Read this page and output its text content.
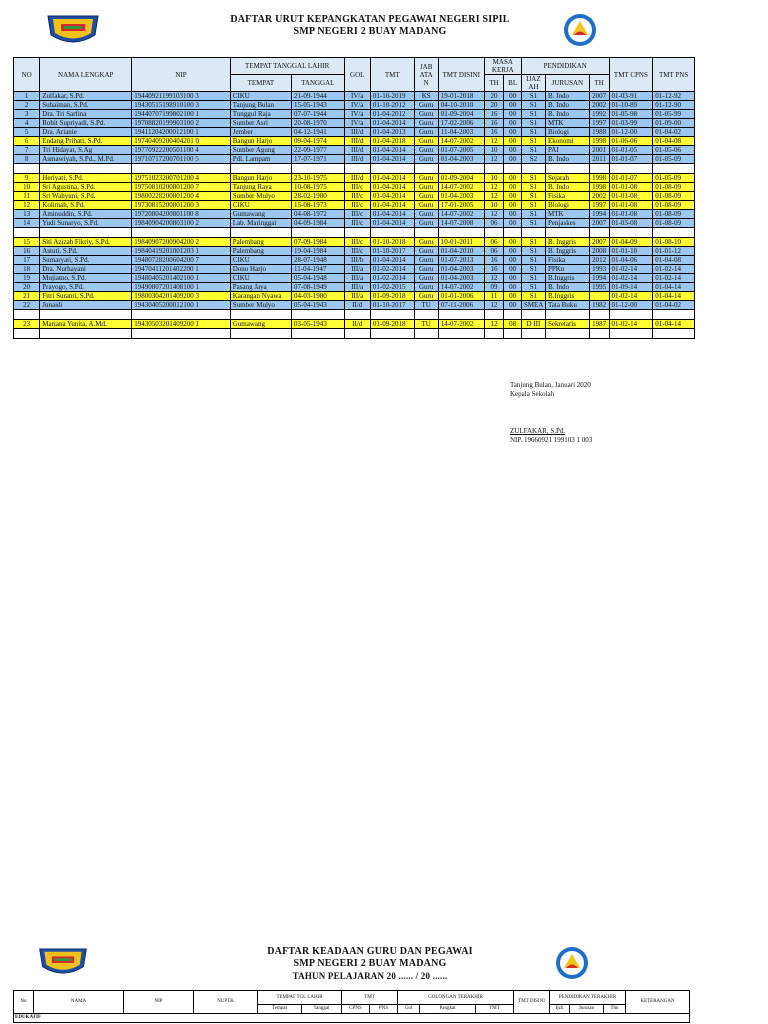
DAFTAR URUT KEPANGKATAN PEGAWAI NEGERI SIPIL
SMP NEGERI 2 BUAY MADANG
NO	NAMA LENGKAP	NIP	TEMPAT TANGGAL LAHIR		GOL	TMT	JAB ATA N	TMT DISINI	MASA KERJA		PENDIDIKAN			TMT CPNS	TMT PNS
			TEMPAT	TANGGAL					TH	BL	IJAZ AH	JURUSAN	TH		
1	Zulfakar, S.Pd.	19440921199103100 3	CIKU	21-09-1944	IV/a	01-10-2019	KS	19-01-2018	20	00	S1	B. Indo	2007	01-03-91	01-12-92
2	Suhaiman, S.Pd.	19430515198910100 3	Tanjung Bulan	15-05-1943	IV/a	01-10-2012	Guru	04-10-2010	20	00	S1	B. Indo	2002	01-10-89	01-12-90
3	Dra. Tri Sarfina	19440707199802100 1	Tunggul Raja	07-07-1944	IV/a	01-04-2012	Guru	01-09-2004	16	00	S1	B. Indo	1992	01-05-98	01-05-99
4	Rohit Supriyadi, S.Pd.	19708820199903100 2	Sumber Asri	20-08-1970	IV/a	01-04-2014	Guru	17-02-2006	16	00	S1	MTK	1997	01-03-99	01-09-00
5	Dra. Arianie	19411204200012100 1	Jember	04-12-1941	III/d	01-04-2013	Guru	11-04-2003	16	00	S1	Biologi	1988	01-12-00	01-04-02
6	Endang Prihati, S.Pd.	19740409200404201 0	Bangun Harjo	09-04-1974	III/d	01-04-2018	Guru	14-07-2002	12	00	S1	Ekonomi	1998	01-06-06	01-04-08
7	Tri Hidayat, S.Ag	19770922200501100 4	Sumber Agung	22-09-1977	III/d	01-04-2014	Guru	01-07-2005	10	00	S1	PAI	2001	01-01-05	01-05-06
8	Asmawiyah, S.Pd., M.Pd.	19710717200701100 5	Pdl. Lampam	17-07-1971	III/d	01-04-2014	Guru	01-04-2003	12	00	S2	B. Indo	2011	01-01-07	01-05-09

9	Heriyati, S.Pd.	19751023200701200 4	Bangun Harjo	23-10-1975	III/d	01-04-2014	Guru	01-09-2004	10	00	S1	Sejarah	1998	01-01-07	01-05-09
10	Sri Agustina, S.Pd.	19750810200801200 7	Tanjung Raya	10-08-1975	III/c	01-04-2014	Guru	14-07-2002	12	00	S1	B. Indo	1998	01-01-08	01-08-09
11	Sri Wahyuni, S.Pd.	19800228200801200 4	Sumber Mulyo	28-02-1980	III/c	01-04-2014	Guru	01-04-2003	12	00	S1	Fisika	2002	01-01-08	01-08-09
12	Kolimah, S.Pd.	19730815200801200 3	CIKU	15-08-1973	III/c	01-04-2014	Guru	17-01-2005	10	00	S1	Biologi	1997	01-01-08	01-08-09
13	Aminuddin, S.Pd.	19720804200801100 8	Gumawang	04-08-1972	III/c	01-04-2014	Guru	14-07-2002	12	00	S1	MTK	1994	01-01-08	01-08-09
14	Yudi Sunaryo, S.Pd.	19840904200803100 2	Lab. Maringgai	04-09-1984	III/c	01-04-2014	Guru	14-07-2008	06	00	S1	Penjaskes	2007	01-03-08	01-08-09

15	Siti Azizah Fikriy, S.Pd.	19840907200904200 2	Palembang	07-09-1984	III/c	01-10-2018	Guru	10-01-2011	06	00	S1	B. Inggris	2007	01-04-09	01-08-10
16	Astuti, S.Pd.	19840419201001203 1	Palembang	19-04-1984	III/c	01-10-2017	Guru	01-04-2010	06	00	S1	B. Inggris	2008	01-01-10	01-01-12
17	Sumaryati, S.Pd.	19480728200604200 7	CIKU	28-07-1948	III/b	01-04-2014	Guru	01-07-2013	16	00	S1	Fisika	2012	01-04-06	01-04-08
18	Dra. Nurhayani	19470411201402200 1	Dono Harjo	11-04-1947	III/a	01-02-2014	Guru	01-04-2003	16	00	S1	PPKn	1993	01-02-14	01-02-14
19	Mujiatno, S.Pd.	19480405201402100 1	CIKU	05-04-1948	III/a	01-02-2014	Guru	01-04-2003	12	00	S1	B.Inggris	1994	01-02-14	01-02-14
20	Prayogo, S.Pd.	19490807201408100 1	Pasang Jaya	07-08-1949	III/a	01-02-2015	Guru	14-07-2002	09	00	S1	B. Indo	1995	01-09-14	01-04-14
21	Fitri Suranti, S.Pd.	19800304201409200 3	Karangan Nyawa	04-03-1980	III/a	01-09-2018	Guru	01-01-2006	11	00	S1	B.Inggris		01-02-14	01-04-14
22	Junaidi	19430405200012100 1	Sumber Mulyo	05-04-1943	II/d	01-10-2017	TU	07-11-2006	12	00	SMEA	Tata Buku	1982	01-12-00	01-04-02

23	Mariana Yunita, A.Md.	19430503201409200 1	Gumawang	03-05-1943	II/d	01-09-2018	TU	14-07-2002	12	08	D III	Sekretaris	1987	01-02-14	01-04-14

Tanjung Bulan, Januari 2020
Kepala Sekolah
ZULFAKAR, S.Pd.
NIP. 19660921 199103 1 003
DAFTAR KEADAAN GURU DAN PEGAWAI
SMP NEGERI 2 BUAY MADANG
TAHUN PELAJARAN 20 ...... / 20 ......
No	NAMA	NIP	NUPTK	TEMPAT TGL LAHIR		TMT		GOLONGAN TERAKHIR			TMT DISINI	PENDIDIKAN TERAKHIR			KETERANGAN
				Tempat	Tanggal	CPNS	PNS	Gol	Pangkat	TMT		Ijzh	Jurusan	Thn	
EDUKATIF															
